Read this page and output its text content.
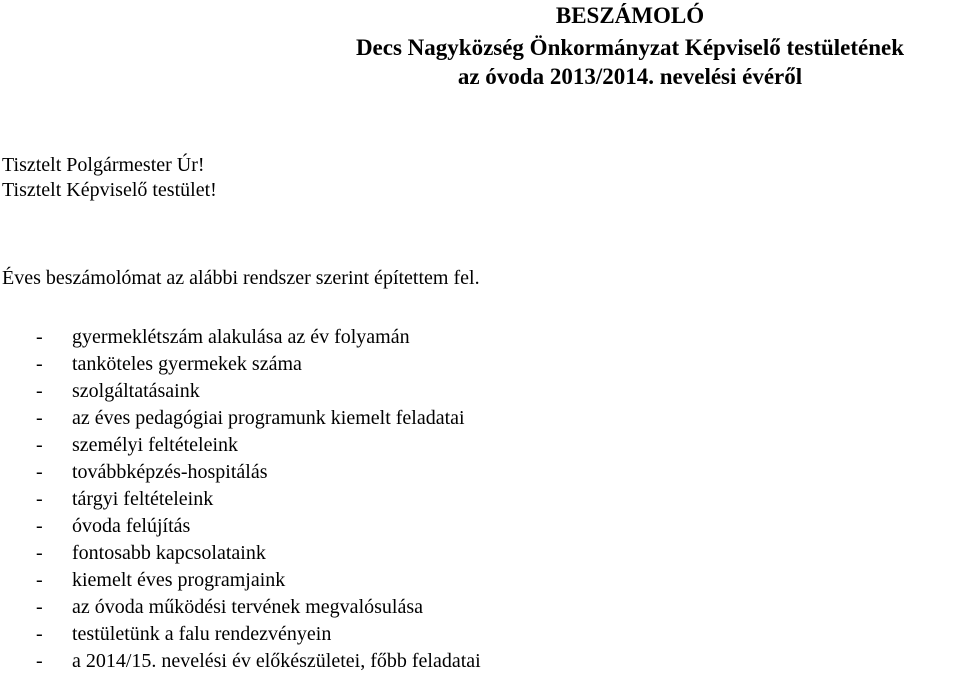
BESZÁMOLÓ
Decs Nagyközség Önkormányzat Képviselő testületének
az óvoda 2013/2014. nevelési évéről

Tisztelt Polgármester Úr!

Tisztelt Képviselő testület!

Éves beszámolómat az alábbi rendszer szerint építettem fel.

-	gyermeklétszám alakulása az év folyamán
-	tanköteles gyermekek száma
-	szolgáltatásaink
-	az éves pedagógiai programunk kiemelt feladatai
-	személyi feltételeink
-	továbbképzés-hospitálás
-	tárgyi feltételeink
-	óvoda felújítás
-	fontosabb kapcsolataink
-	kiemelt éves programjaink
-	az óvoda működési tervének megvalósulása
-	testületünk a falu rendezvényein
-	a 2014/15. nevelési év előkészületei, főbb feladatai
